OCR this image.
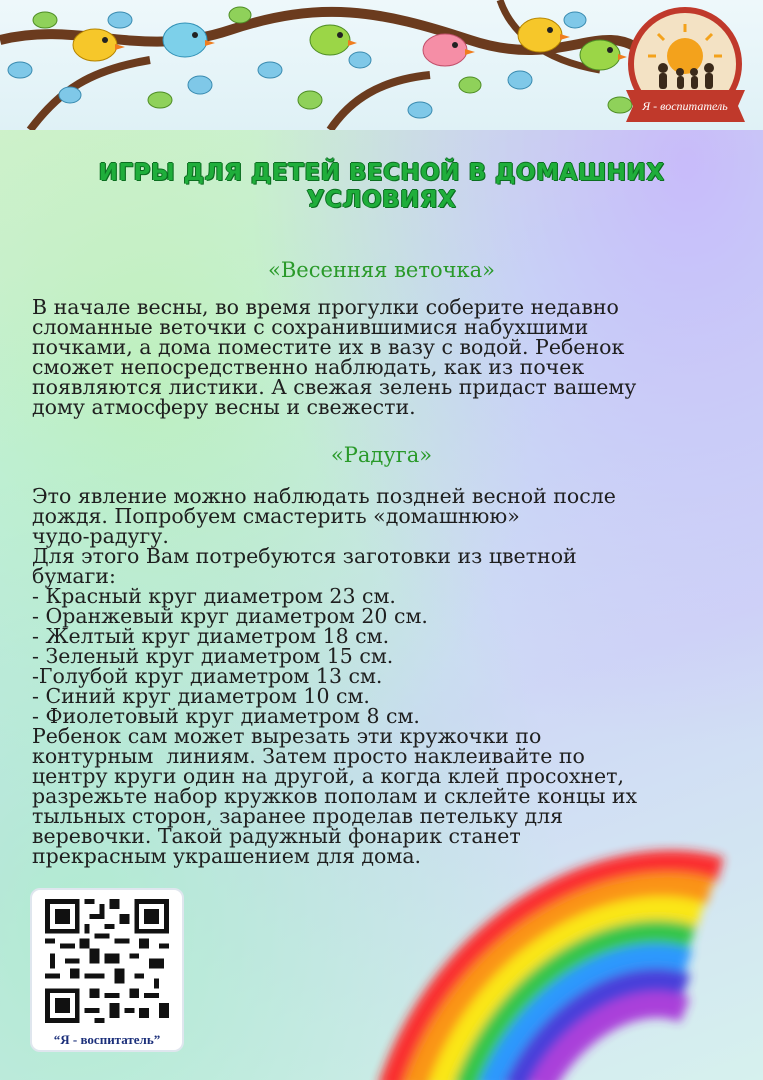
Я - воспитатель
ИГРЫ ДЛЯ ДЕТЕЙ ВЕСНОЙ В ДОМАШНИХ УСЛОВИЯХ
«Весенняя веточка»
В начале весны, во время прогулки соберите недавно
сломанные веточки с сохранившимися набухшими
почками, а дома поместите их в вазу с водой. Ребенок
сможет непосредственно наблюдать, как из почек
появляются листики. А свежая зелень придаст вашему
дому атмосферу весны и свежести.
«Радуга»
Это явление можно наблюдать поздней весной после
дождя. Попробуем смастерить «домашнюю»
чудо-радугу.
Для этого Вам потребуются заготовки из цветной
бумаги:
- Красный круг диаметром 23 см.
- Оранжевый круг диаметром 20 см.
- Желтый круг диаметром 18 см.
- Зеленый круг диаметром 15 см.
-Голубой круг диаметром 13 см.
- Синий круг диаметром 10 см.
- Фиолетовый круг диаметром 8 см.
Ребенок сам может вырезать эти кружочки по
контурным  линиям. Затем просто наклеивайте по
центру круги один на другой, а когда клей просохнет,
разрежьте набор кружков пополам и склейте концы их
тыльных сторон, заранее проделав петельку для
веревочки. Такой радужный фонарик станет
прекрасным украшением для дома.
“Я - воспитатель”
